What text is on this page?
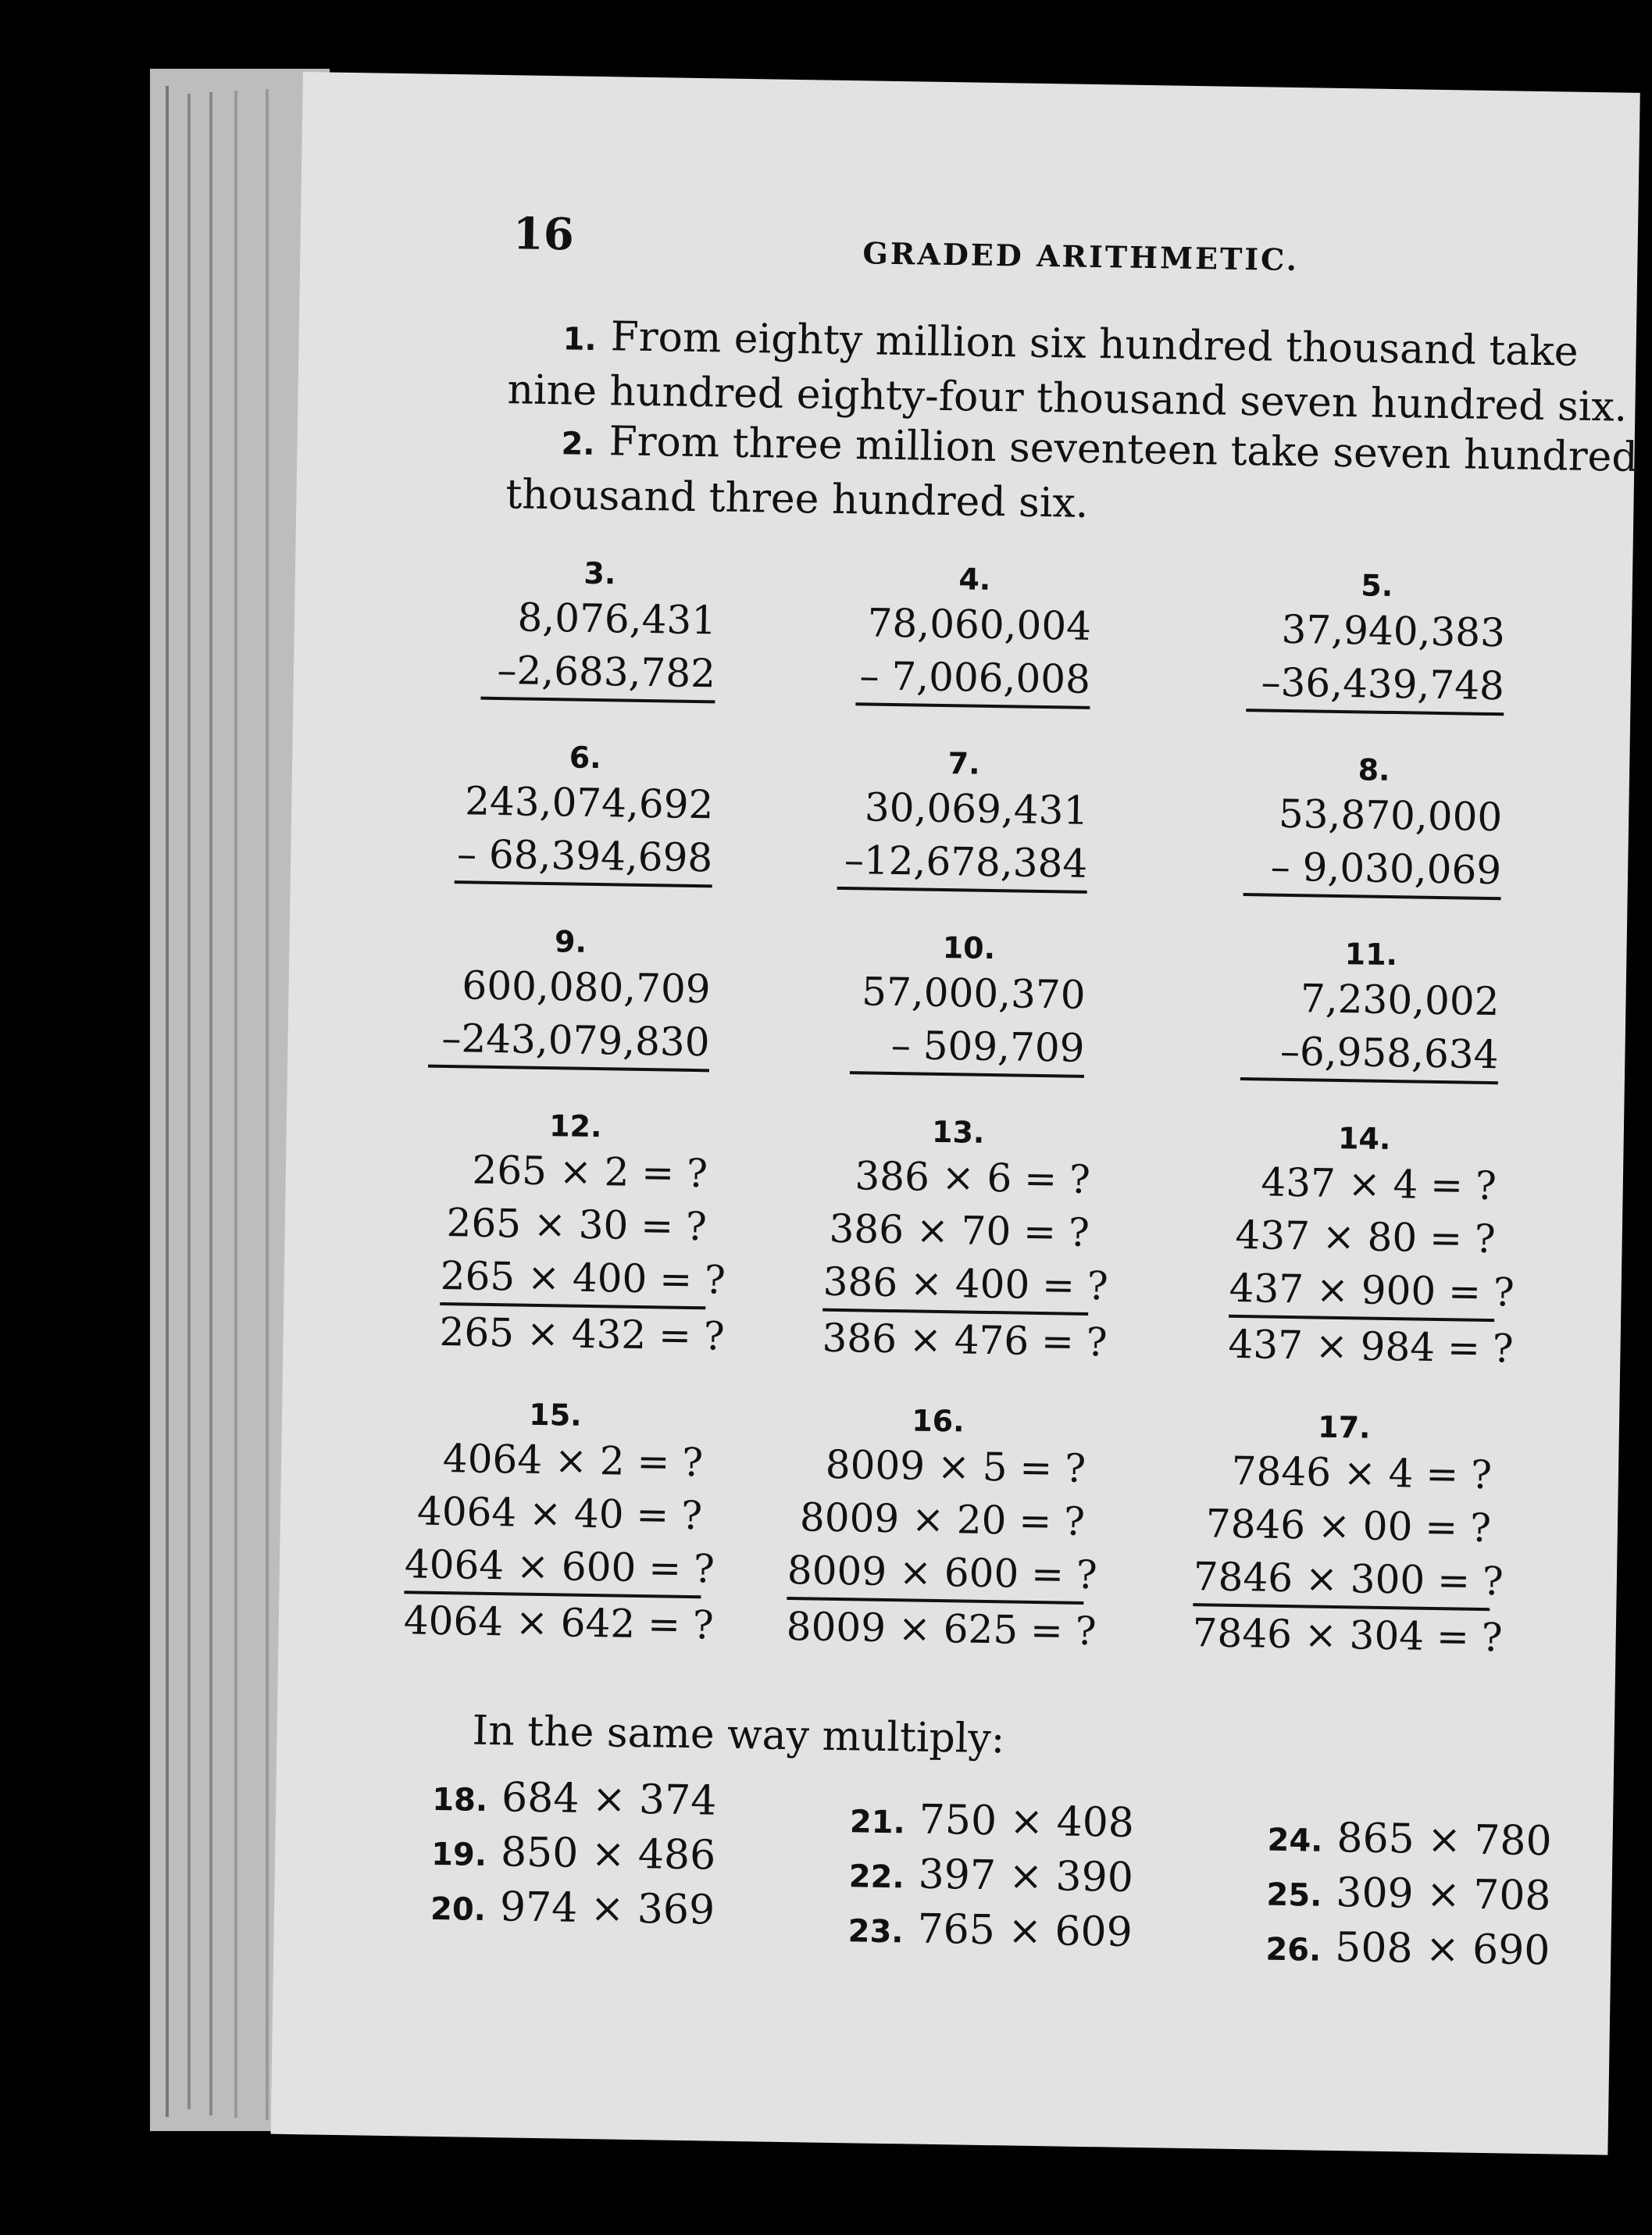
16	GRADED ARITHMETIC.
1. From eighty million six hundred thousand take
nine hundred eighty-four thousand seven hundred six.
2. From three million seventeen take seven hundred
thousand three hundred six.
3.
8,076,431
–2,683,782
4.
78,060,004
– 7,006,008
5.
37,940,383
–36,439,748
6.
243,074,692
– 68,394,698
7.
30,069,431
–12,678,384
8.
53,870,000
– 9,030,069
9.
600,080,709
–243,079,830
10.
57,000,370
– 509,709
11.
7,230,002
–6,958,634
12.
265 × 2 = ?
265 × 30 = ?
265 × 400 = ?
265 × 432 = ?
13.
386 × 6 = ?
386 × 70 = ?
386 × 400 = ?
386 × 476 = ?
14.
437 × 4 = ?
437 × 80 = ?
437 × 900 = ?
437 × 984 = ?
15.
4064 × 2 = ?
4064 × 40 = ?
4064 × 600 = ?
4064 × 642 = ?
16.
8009 × 5 = ?
8009 × 20 = ?
8009 × 600 = ?
8009 × 625 = ?
17.
7846 × 4 = ?
7846 × 00 = ?
7846 × 300 = ?
7846 × 304 = ?
In the same way multiply:
18. 684 × 374
19. 850 × 486
20. 974 × 369
21. 750 × 408
22. 397 × 390
23. 765 × 609
24. 865 × 780
25. 309 × 708
26. 508 × 690
